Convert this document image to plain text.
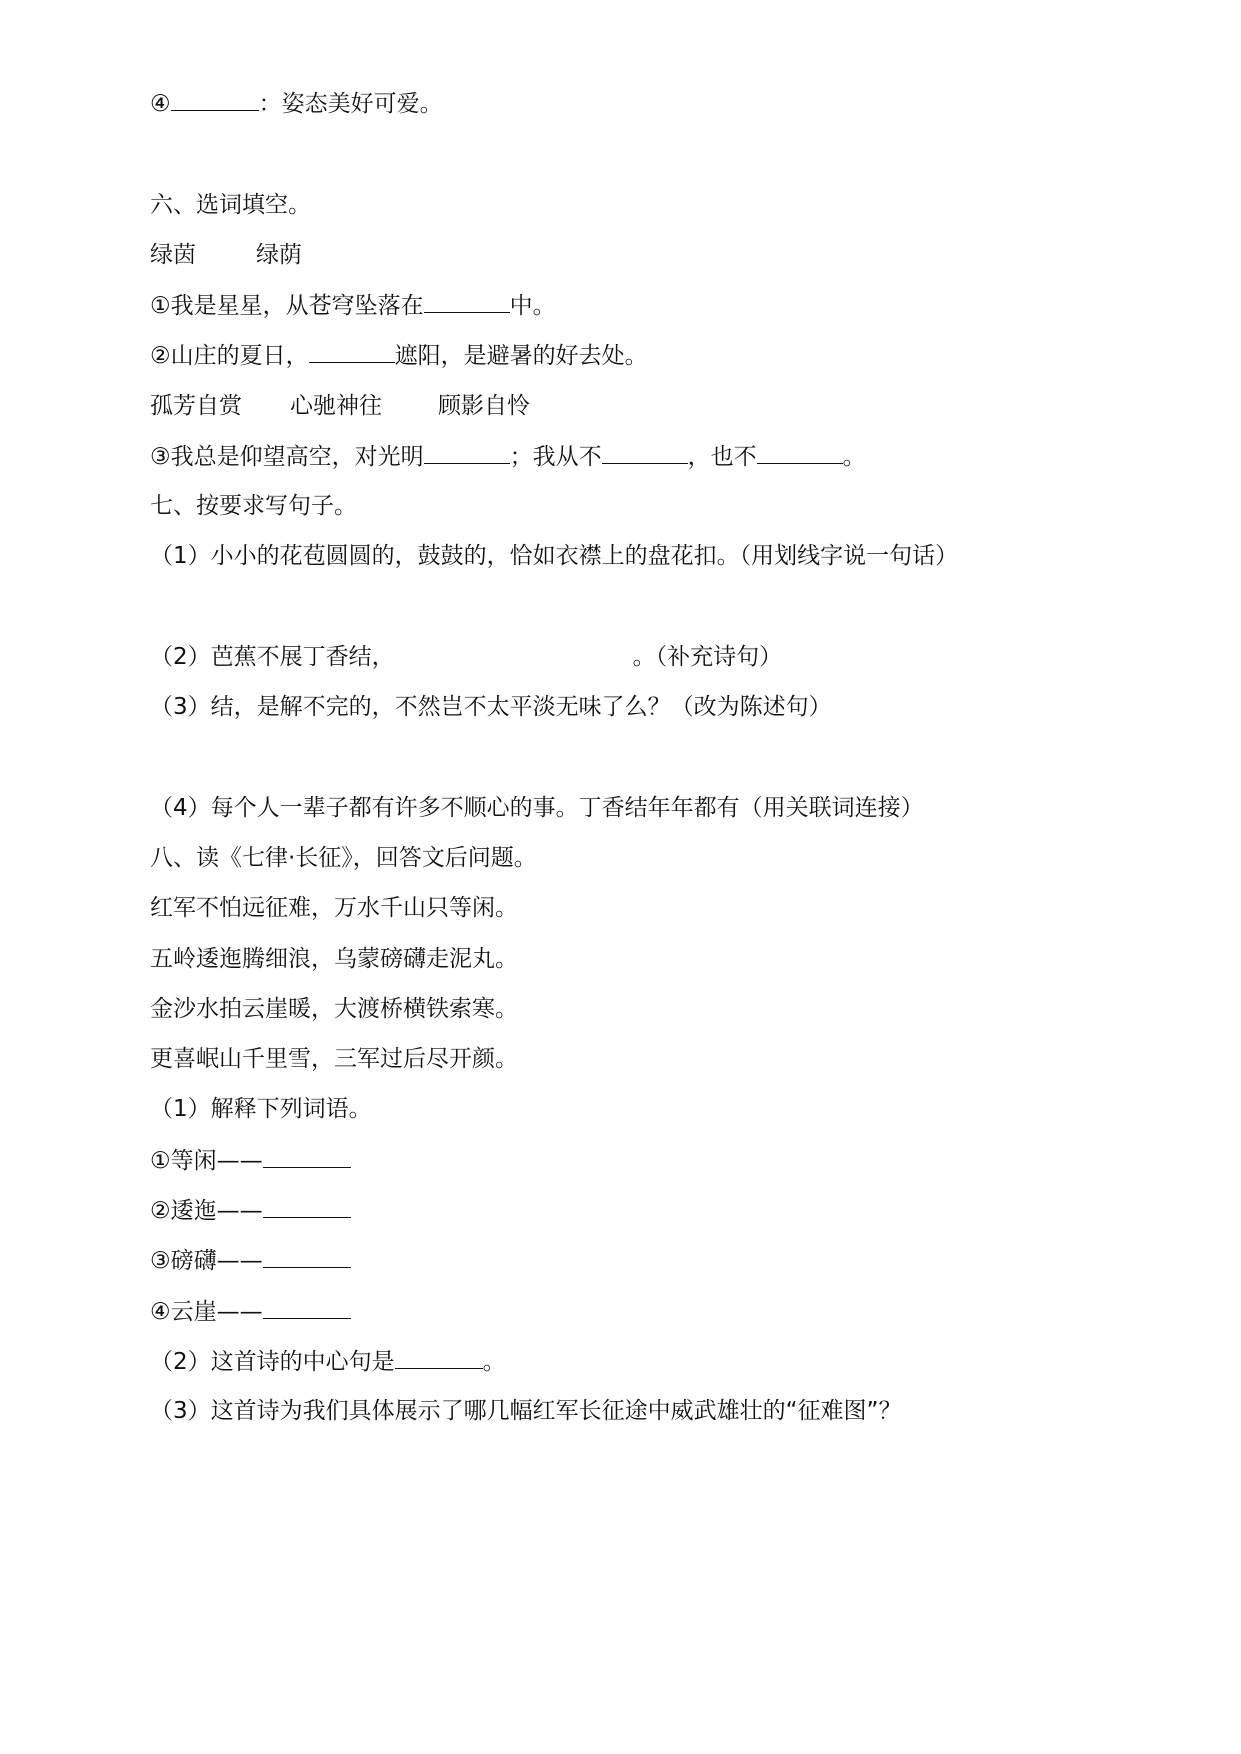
④	：姿态美好可爱。
六、选词填空。
绿茵	绿荫
①我是星星，从苍穹坠落在	中。
②山庄的夏日，	遮阳，是避暑的好去处。
孤芳自赏 心驰神往 顾影自怜
③我总是仰望高空，对光明	；我从不	，也不	。
七、按要求写句子。
（1）小小的花苞圆圆的，鼓鼓的，恰如衣襟上的盘花扣。（用划线字说一句话）
（2）芭蕉不展丁香结，	。（补充诗句）
（3）结，是解不完的，不然岂不太平淡无味了么？（改为陈述句）
（4）每个人一辈子都有许多不顺心的事。丁香结年年都有（用关联词连接）
八、读《七律·长征》，回答文后问题。
红军不怕远征难，万水千山只等闲。
五岭逶迤腾细浪，乌蒙磅礴走泥丸。
金沙水拍云崖暖，大渡桥横铁索寒。
更喜岷山千里雪，三军过后尽开颜。
（1）解释下列词语。
①等闲——
②逶迤——
③磅礴——
④云崖——
（2）这首诗的中心句是	。
（3）这首诗为我们具体展示了哪几幅红军长征途中威武雄壮的“征难图”？
